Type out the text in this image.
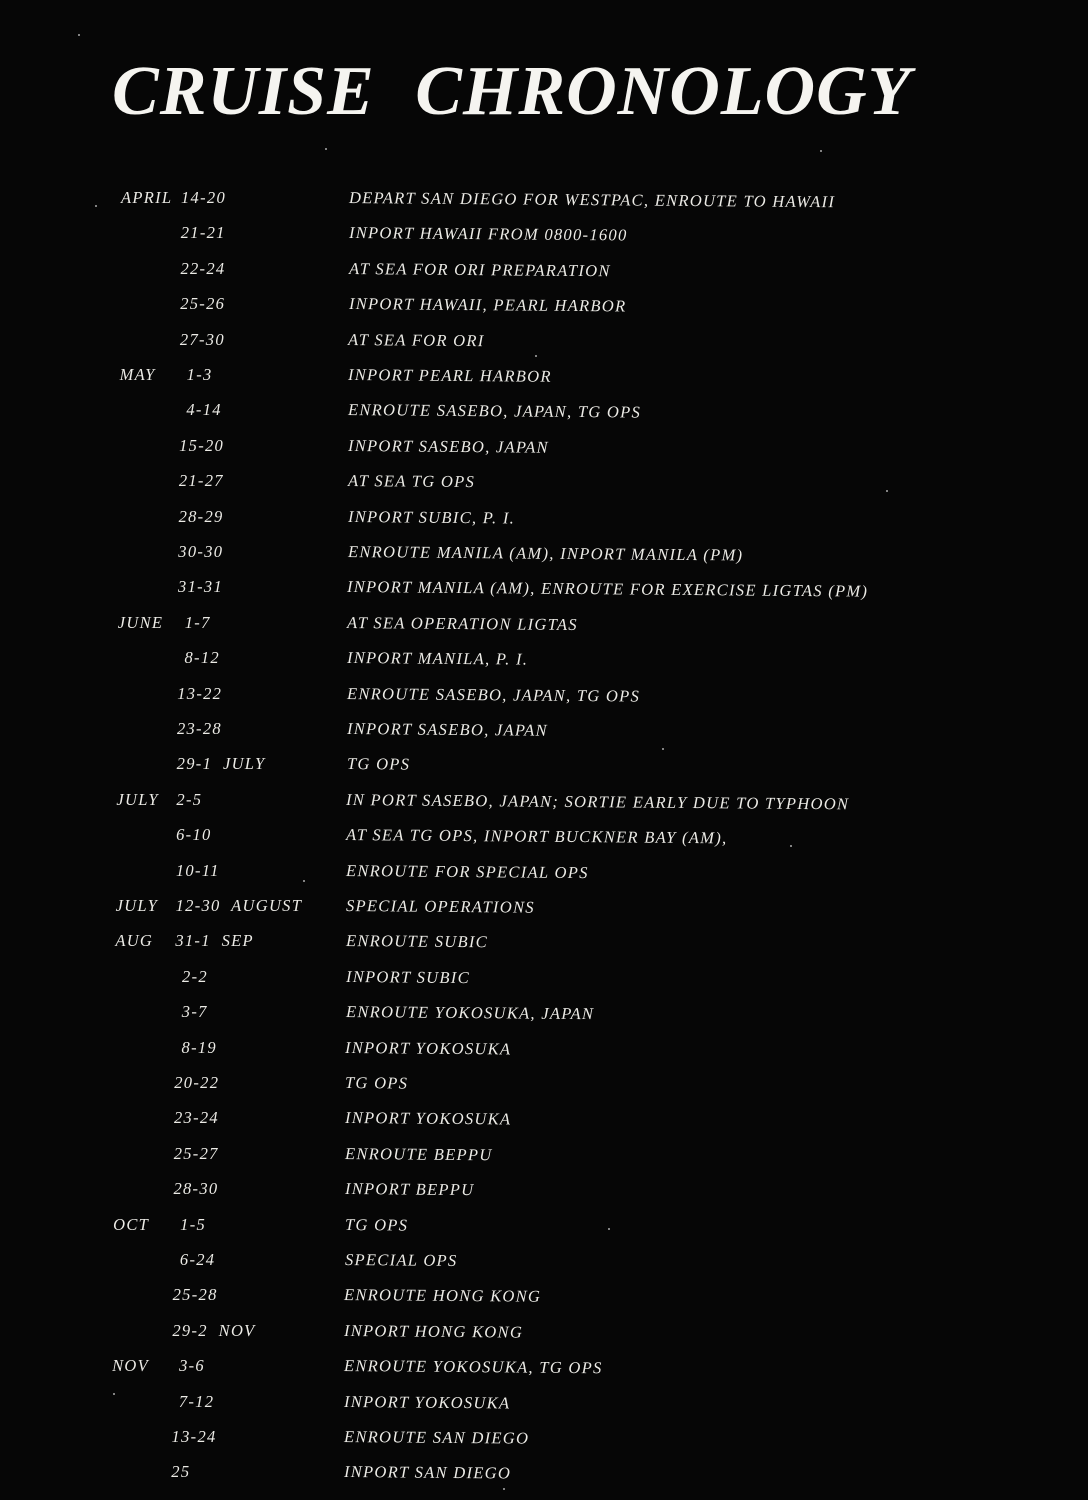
CRUISE CHRONOLOGY
APRIL 14-20	DEPART SAN DIEGO FOR WESTPAC, ENROUTE TO HAWAII
21-21	INPORT HAWAII FROM 0800-1600
22-24	AT SEA FOR ORI PREPARATION
25-26	INPORT HAWAII, PEARL HARBOR
27-30	AT SEA FOR ORI
MAY 1-3	INPORT PEARL HARBOR
4-14	ENROUTE SASEBO, JAPAN, TG OPS
15-20	INPORT SASEBO, JAPAN
21-27	AT SEA TG OPS
28-29	INPORT SUBIC, P. I.
30-30	ENROUTE MANILA (AM), INPORT MANILA (PM)
31-31	INPORT MANILA (AM), ENROUTE FOR EXERCISE LIGTAS (PM)
JUNE 1-7	AT SEA OPERATION LIGTAS
8-12	INPORT MANILA, P. I.
13-22	ENROUTE SASEBO, JAPAN, TG OPS
23-28	INPORT SASEBO, JAPAN
29-1  JULY	TG OPS
JULY 2-5	IN PORT SASEBO, JAPAN; SORTIE EARLY DUE TO TYPHOON
6-10	AT SEA TG OPS, INPORT BUCKNER BAY (AM),
10-11	ENROUTE FOR SPECIAL OPS
JULY 12-30  AUGUST	SPECIAL OPERATIONS
AUG 31-1  SEP	ENROUTE SUBIC
2-2	INPORT SUBIC
3-7	ENROUTE YOKOSUKA, JAPAN
8-19	INPORT YOKOSUKA
20-22	TG OPS
23-24	INPORT YOKOSUKA
25-27	ENROUTE BEPPU
28-30	INPORT BEPPU
OCT 1-5	TG OPS
6-24	SPECIAL OPS
25-28	ENROUTE HONG KONG
29-2  NOV	INPORT HONG KONG
NOV 3-6	ENROUTE YOKOSUKA, TG OPS
7-12	INPORT YOKOSUKA
13-24	ENROUTE SAN DIEGO
25	INPORT SAN DIEGO
